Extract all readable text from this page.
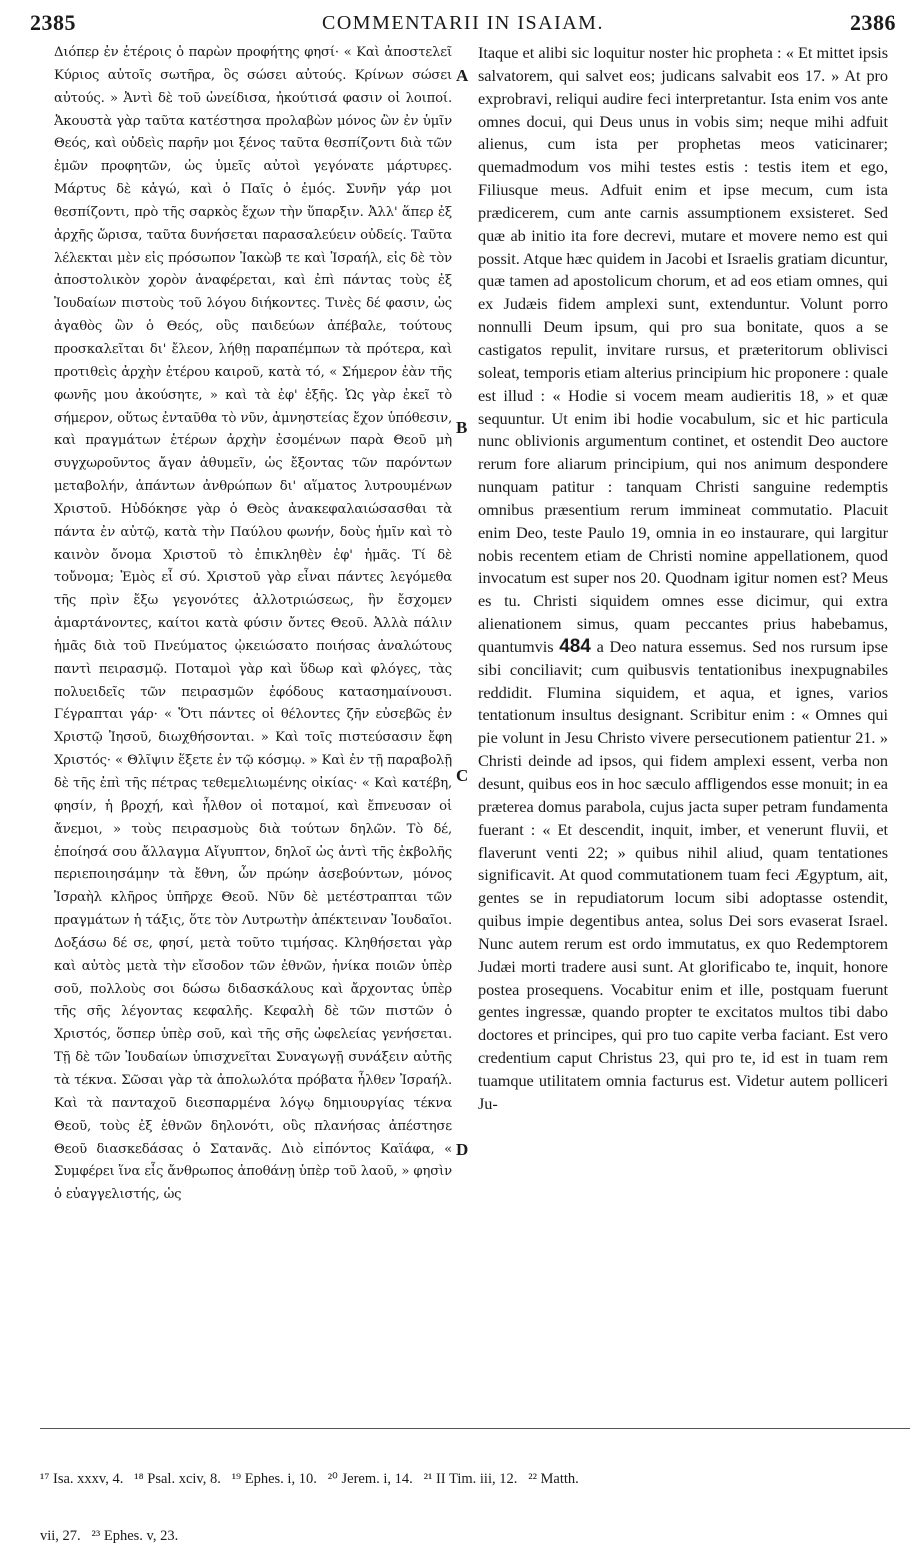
2385	COMMENTARII IN ISAIAM.	2386

Διόπερ ἐν ἑτέροις ὁ παρὼν προφήτης φησί· « Καὶ ἀποστελεῖ Κύριος αὐτοῖς σωτῆρα, ὃς σώσει αὐτούς. Κρίνων σώσει αὐτούς. » Ἀντὶ δὲ τοῦ ὠνείδισα, ἠκούτισά φασιν οἱ λοιποί. Ἀκουστὰ γὰρ ταῦτα κατέστησα προλαβὼν μόνος ὢν ἐν ὑμῖν Θεός, καὶ οὐδεὶς παρῆν μοι ξένος ταῦτα θεσπίζοντι διὰ τῶν ἐμῶν προφητῶν, ὡς ὑμεῖς αὐτοὶ γεγόνατε μάρτυρες. Μάρτυς δὲ κἀγώ, καὶ ὁ Παῖς ὁ ἐμός. Συνῆν γάρ μοι θεσπίζοντι, πρὸ τῆς σαρκὸς ἔχων τὴν ὕπαρξιν. Ἀλλ' ἅπερ ἐξ ἀρχῆς ὥρισα, ταῦτα δυνήσεται παρασαλεύειν οὐδείς. Ταῦτα λέλεκται μὲν εἰς πρόσωπον Ἰακὼβ τε καὶ Ἰσραήλ, εἰς δὲ τὸν ἀποστολικὸν χορὸν ἀναφέρεται, καὶ ἐπὶ πάντας τοὺς ἐξ Ἰουδαίων πιστοὺς τοῦ λόγου διήκοντες. Τινὲς δέ φασιν, ὡς ἀγαθὸς ὢν ὁ Θεός, οὓς παιδεύων ἀπέβαλε, τούτους προσκαλεῖται δι' ἔλεον, λήθῃ παραπέμπων τὰ πρότερα, καὶ προτιθεὶς ἀρχὴν ἑτέρου καιροῦ, κατὰ τό, « Σήμερον ἐὰν τῆς φωνῆς μου ἀκούσητε, » καὶ τὰ ἐφ' ἑξῆς. Ὡς γὰρ ἐκεῖ τὸ σήμερον, οὕτως ἐνταῦθα τὸ νῦν, ἀμνηστείας ἔχον ὑπόθεσιν, καὶ πραγμάτων ἑτέρων ἀρχὴν ἐσομένων παρὰ Θεοῦ μὴ συγχωροῦντος ἄγαν ἀθυμεῖν, ὡς ἔξοντας τῶν παρόντων μεταβολήν, ἁπάντων ἀνθρώπων δι' αἵματος λυτρουμένων Χριστοῦ. Ηὐδόκησε γὰρ ὁ Θεὸς ἀνακεφαλαιώσασθαι τὰ πάντα ἐν αὐτῷ, κατὰ τὴν Παύλου φωνήν, δοὺς ἡμῖν καὶ τὸ καινὸν ὄνομα Χριστοῦ τὸ ἐπικληθὲν ἐφ' ἡμᾶς. Τί δὲ τοὔνομα; Ἐμὸς εἶ σύ. Χριστοῦ γὰρ εἶναι πάντες λεγόμεθα τῆς πρὶν ἔξω γεγονότες ἀλλοτριώσεως, ἣν ἔσχομεν ἁμαρτάνοντες, καίτοι κατὰ φύσιν ὄντες Θεοῦ. Ἀλλὰ πάλιν ἡμᾶς διὰ τοῦ Πνεύματος ᾠκειώσατο ποιήσας ἀναλώτους παντὶ πειρασμῷ. Ποταμοὶ γὰρ καὶ ὕδωρ καὶ φλόγες, τὰς πολυειδεῖς τῶν πειρασμῶν ἐφόδους κατασημαίνουσι. Γέγραπται γάρ· « Ὅτι πάντες οἱ θέλοντες ζῆν εὐσεβῶς ἐν Χριστῷ Ἰησοῦ, διωχθήσονται. » Καὶ τοῖς πιστεύσασιν ἔφη Χριστός· « Θλῖψιν ἕξετε ἐν τῷ κόσμῳ. » Καὶ ἐν τῇ παραβολῇ δὲ τῆς ἐπὶ τῆς πέτρας τεθεμελιωμένης οἰκίας· « Καὶ κατέβη, φησίν, ἡ βροχή, καὶ ἦλθον οἱ ποταμοί, καὶ ἔπνευσαν οἱ ἄνεμοι, » τοὺς πειρασμοὺς διὰ τούτων δηλῶν. Τὸ δέ, ἐποίησά σου ἄλλαγμα Αἴγυπτον, δηλοῖ ὡς ἀντὶ τῆς ἐκβολῆς περιεποιησάμην τὰ ἔθνη, ὧν πρώην ἀσεβούντων, μόνος Ἰσραὴλ κλῆρος ὑπῆρχε Θεοῦ. Νῦν δὲ μετέστραπται τῶν πραγμάτων ἡ τάξις, ὅτε τὸν Λυτρωτὴν ἀπέκτειναν Ἰουδαῖοι. Δοξάσω δέ σε, φησί, μετὰ τοῦτο τιμήσας. Κληθήσεται γὰρ καὶ αὐτὸς μετὰ τὴν εἴσοδον τῶν ἐθνῶν, ἡνίκα ποιῶν ὑπὲρ σοῦ, πολλοὺς σοι δώσω διδασκάλους καὶ ἄρχοντας ὑπὲρ τῆς σῆς λέγοντας κεφαλῆς. Κεφαλὴ δὲ τῶν πιστῶν ὁ Χριστός, ὅσπερ ὑπὲρ σοῦ, καὶ τῆς σῆς ὠφελείας γενήσεται. Τῇ δὲ τῶν Ἰουδαίων ὑπισχνεῖται Συναγωγῇ συνάξειν αὐτῆς τὰ τέκνα. Σῶσαι γὰρ τὰ ἀπολωλότα πρόβατα ἦλθεν Ἰσραήλ. Καὶ τὰ πανταχοῦ διεσπαρμένα λόγῳ δημιουργίας τέκνα Θεοῦ, τοὺς ἐξ ἐθνῶν δηλονότι, οὓς πλανήσας ἀπέστησε Θεοῦ διασκεδάσας ὁ Σατανᾶς. Διὸ εἰπόντος Καϊάφα, « Συμφέρει ἵνα εἷς ἄνθρωπος ἀποθάνῃ ὑπὲρ τοῦ λαοῦ, » φησὶν ὁ εὐαγγελιστής, ὡς

A
B
C
D

Itaque et alibi sic loquitur noster hic propheta : « Et mittet ipsis salvatorem, qui salvet eos; judicans salvabit eos 17. » At pro exprobravi, reliqui audire feci interpretantur. Ista enim vos ante omnes docui, qui Deus unus in vobis sim; neque mihi adfuit alienus, cum ista per prophetas meos vaticinarer; quemadmodum vos mihi testes estis : testis item et ego, Filiusque meus. Adfuit enim et ipse mecum, cum ista prædicerem, cum ante carnis assumptionem exsisteret. Sed quæ ab initio ita fore decrevi, mutare et movere nemo est qui possit. Atque hæc quidem in Jacobi et Israelis gratiam dicuntur, quæ tamen ad apostolicum chorum, et ad eos etiam omnes, qui ex Judæis fidem amplexi sunt, extenduntur. Volunt porro nonnulli Deum ipsum, qui pro sua bonitate, quos a se castigatos repulit, invitare rursus, et præteritorum oblivisci soleat, temporis etiam alterius principium hic proponere : quale est illud : « Hodie si vocem meam audieritis 18, » et quæ sequuntur. Ut enim ibi hodie vocabulum, sic et hic particula nunc oblivionis argumentum continet, et ostendit Deo auctore rerum fore aliarum principium, qui nos animum despondere nunquam patitur : tanquam Christi sanguine redemptis omnibus præsentium rerum immineat commutatio. Placuit enim Deo, teste Paulo 19, omnia in eo instaurare, qui largitur nobis recentem etiam de Christi nomine appellationem, quod invocatum est super nos 20. Quodnam igitur nomen est? Meus es tu. Christi siquidem omnes esse dicimur, qui extra alienationem simus, quam peccantes prius habebamus, quantumvis 484 a Deo natura essemus. Sed nos rursum ipse sibi conciliavit; cum quibusvis tentationibus inexpugnabiles reddidit. Flumina siquidem, et aqua, et ignes, varios tentationum insultus designant. Scribitur enim : « Omnes qui pie volunt in Jesu Christo vivere persecutionem patientur 21. » Christi deinde ad ipsos, qui fidem amplexi essent, verba non desunt, quibus eos in hoc sæculo affligendos esse monuit; in ea præterea domus parabola, cujus jacta super petram fundamenta fuerant : « Et descendit, inquit, imber, et venerunt fluvii, et flaverunt venti 22; » quibus nihil aliud, quam tentationes significavit. At quod commutationem tuam feci Ægyptum, ait, gentes se in repudiatorum locum sibi adoptasse ostendit, quibus impie degentibus antea, solus Dei sors evaserat Israel. Nunc autem rerum est ordo immutatus, ex quo Redemptorem Judæi morti tradere ausi sunt. At glorificabo te, inquit, honore postea prosequens. Vocabitur enim et ille, postquam fuerunt gentes ingressæ, quando propter te excitatos multos tibi dabo doctores et principes, qui pro tuo capite verba faciant. Est vero credentium caput Christus 23, qui pro te, id est in tuam rem tuamque utilitatem omnia facturus est. Videtur autem polliceri Ju-

¹⁷ Isa. xxxv, 4.   ¹⁸ Psal. xciv, 8.   ¹⁹ Ephes. i, 10.   ²⁰ Jerem. i, 14.   ²¹ II Tim. iii, 12.   ²² Matth.

vii, 27.   ²³ Ephes. v, 23.
